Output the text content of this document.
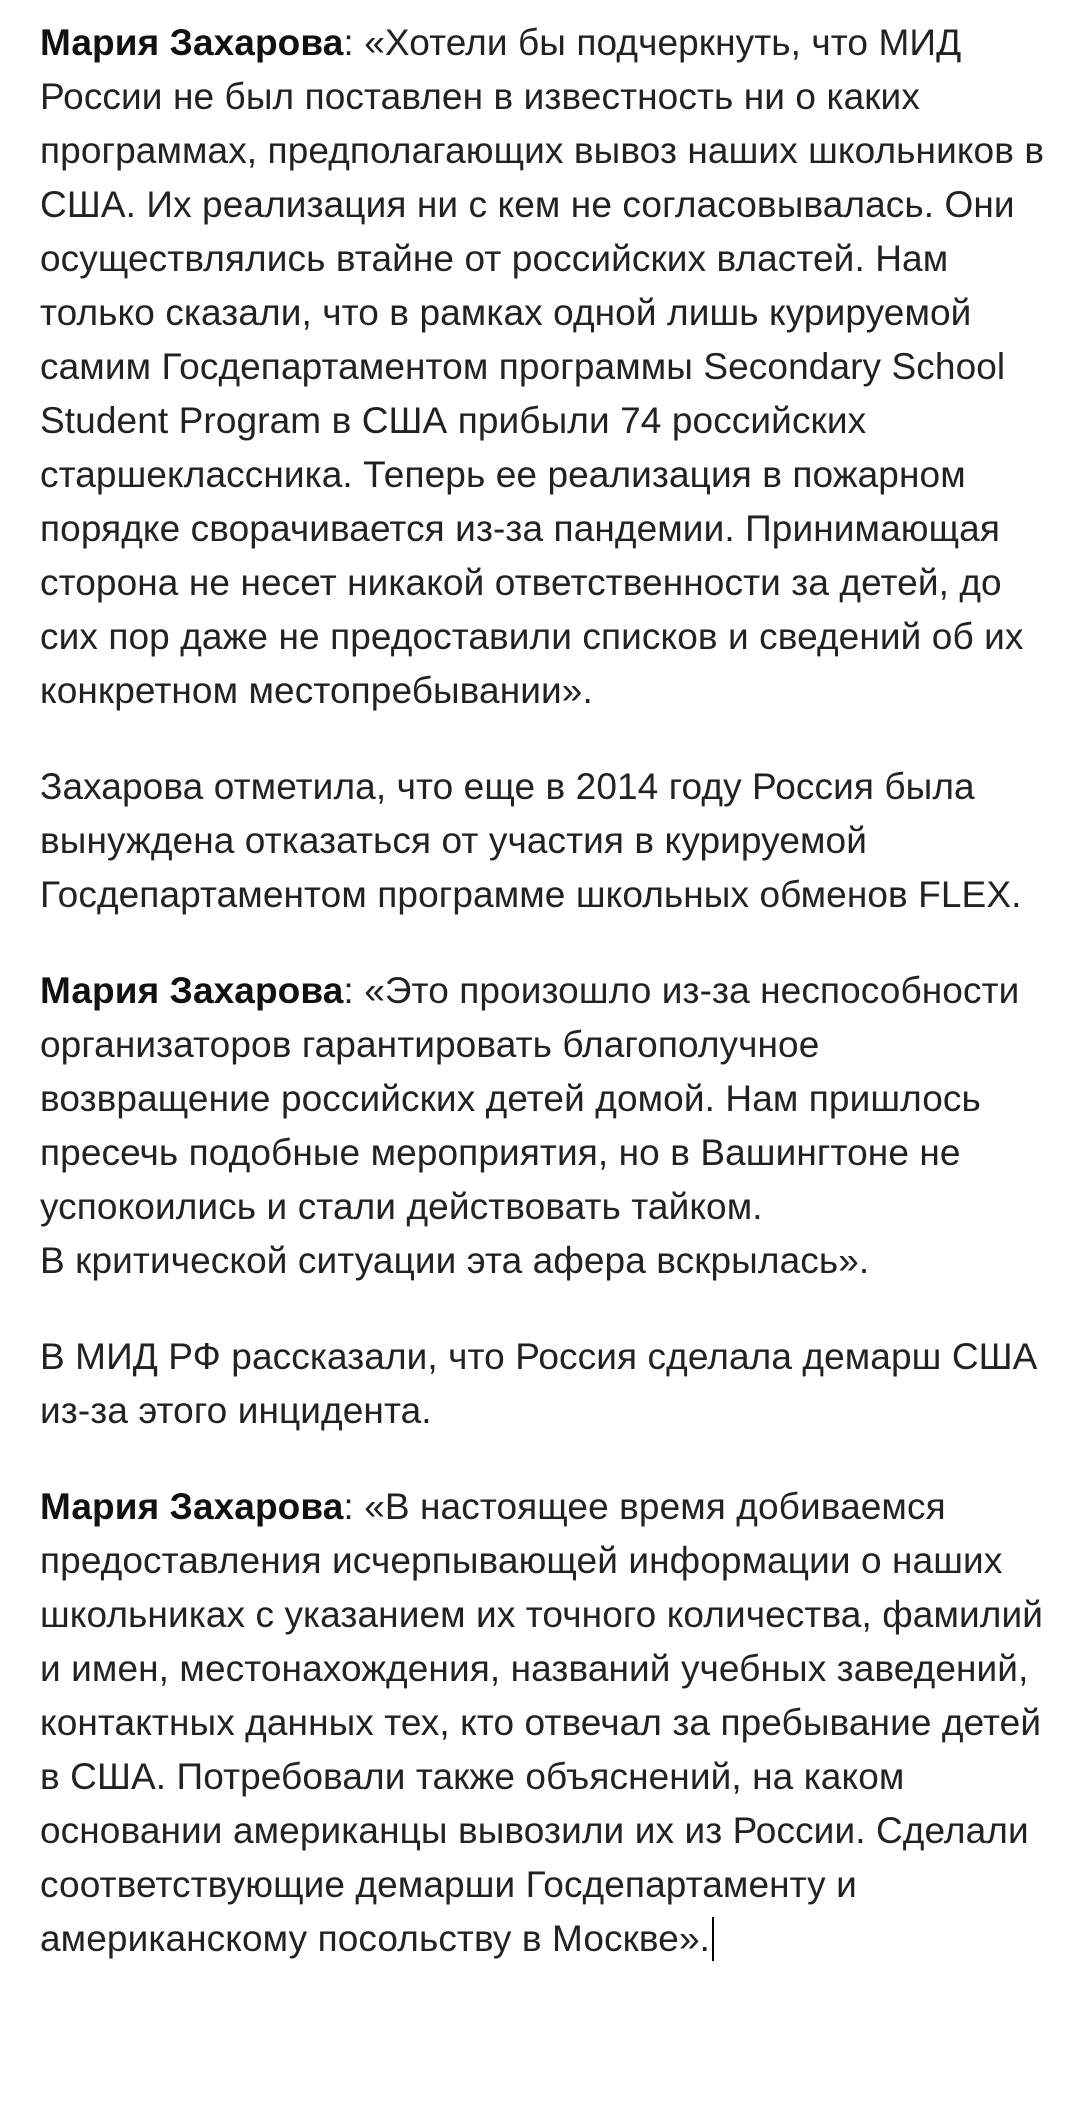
Мария Захарова: «Хотели бы подчеркнуть, что МИД России не был поставлен в известность ни о каких программах, предполагающих вывоз наших школьников в США. Их реализация ни с кем не согласовывалась. Они осуществлялись втайне от российских властей. Нам только сказали, что в рамках одной лишь курируемой самим Госдепартаментом программы Secondary School Student Program в США прибыли 74 российских старшеклассника. Теперь ее реализация в пожарном порядке сворачивается из-за пандемии. Принимающая сторона не несет никакой ответственности за детей, до сих пор даже не предоставили списков и сведений об их конкретном местопребывании».

Захарова отметила, что еще в 2014 году Россия была вынуждена отказаться от участия в курируемой Госдепартаментом программе школьных обменов FLEX.

Мария Захарова: «Это произошло из-за неспособности организаторов гарантировать благополучное возвращение российских детей домой. Нам пришлось пресечь подобные мероприятия, но в Вашингтоне не успокоились и стали действовать тайком.
В критической ситуации эта афера вскрылась».

В МИД РФ рассказали, что Россия сделала демарш США из-за этого инцидента.

Мария Захарова: «В настоящее время добиваемся предоставления исчерпывающей информации о наших школьниках с указанием их точного количества, фамилий и имен, местонахождения, названий учебных заведений, контактных данных тех, кто отвечал за пребывание детей в США. Потребовали также объяснений, на каком основании американцы вывозили их из России. Сделали соответствующие демарши Госдепартаменту и американскому посольству в Москве».
